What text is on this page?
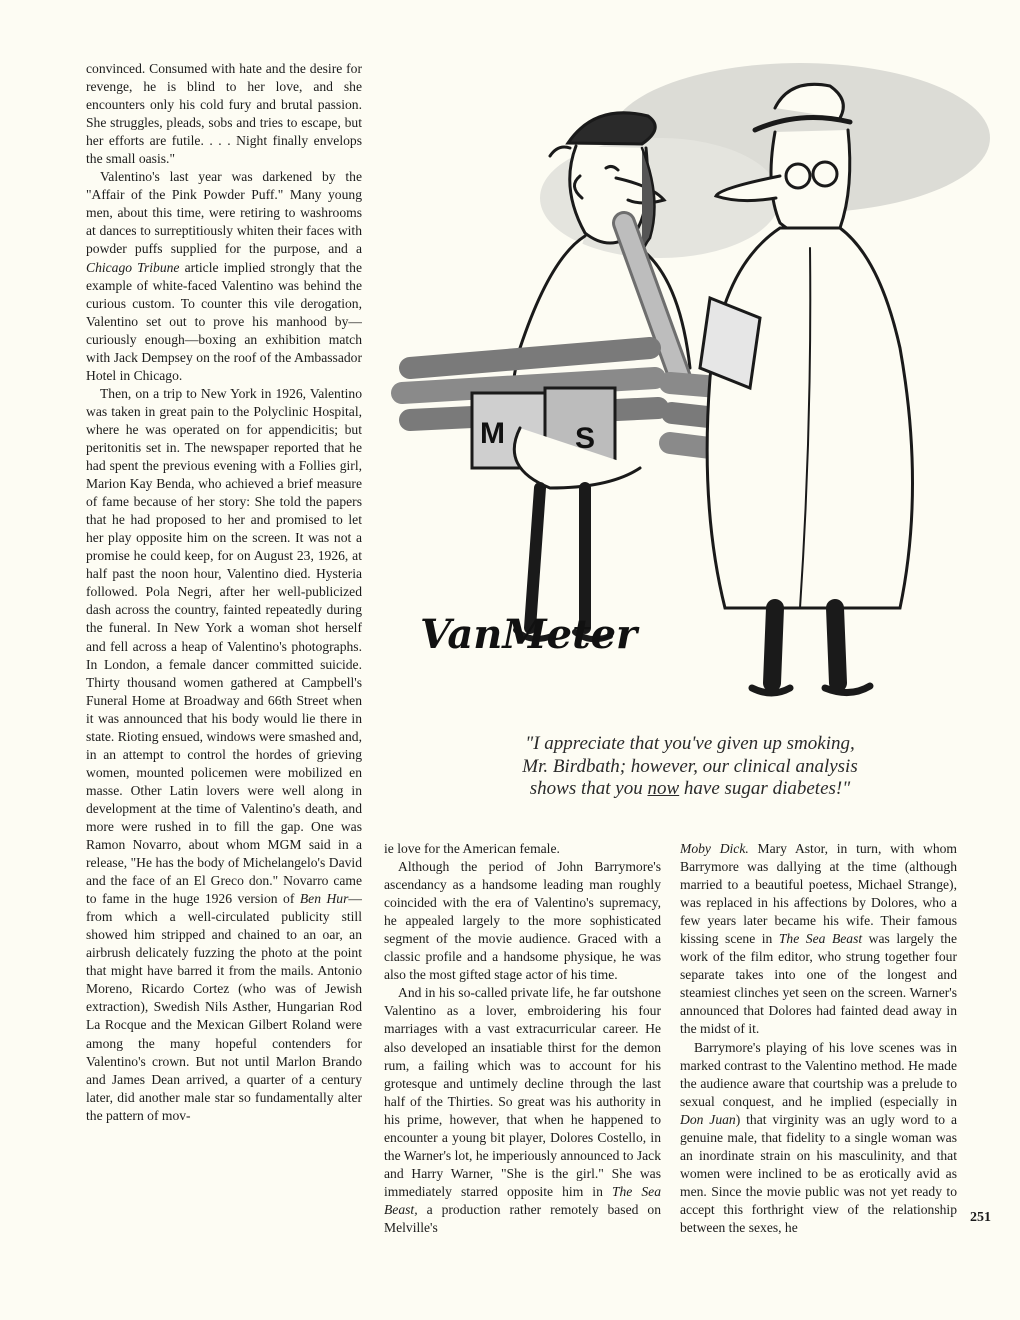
convinced. Consumed with hate and the desire for revenge, he is blind to her love, and she encounters only his cold fury and brutal passion. She struggles, pleads, sobs and tries to escape, but her efforts are futile. . . . Night finally envelops the small oasis."

Valentino's last year was darkened by the "Affair of the Pink Powder Puff." Many young men, about this time, were retiring to washrooms at dances to surreptitiously whiten their faces with powder puffs supplied for the purpose, and a Chicago Tribune article implied strongly that the example of white-faced Valentino was behind the curious custom. To counter this vile derogation, Valentino set out to prove his manhood by—curiously enough—boxing an exhibition match with Jack Dempsey on the roof of the Ambassador Hotel in Chicago.

Then, on a trip to New York in 1926, Valentino was taken in great pain to the Polyclinic Hospital, where he was operated on for appendicitis; but peritonitis set in. The newspaper reported that he had spent the previous evening with a Follies girl, Marion Kay Benda, who achieved a brief measure of fame because of her story: She told the papers that he had proposed to her and promised to let her play opposite him on the screen. It was not a promise he could keep, for on August 23, 1926, at half past the noon hour, Valentino died. Hysteria followed. Pola Negri, after her well-publicized dash across the country, fainted repeatedly during the funeral. In New York a woman shot herself and fell across a heap of Valentino's photographs. In London, a female dancer committed suicide. Thirty thousand women gathered at Campbell's Funeral Home at Broadway and 66th Street when it was announced that his body would lie there in state. Rioting ensued, windows were smashed and, in an attempt to control the hordes of grieving women, mounted policemen were mobilized en masse. Other Latin lovers were well along in development at the time of Valentino's death, and more were rushed in to fill the gap. One was Ramon Novarro, about whom MGM said in a release, "He has the body of Michelangelo's David and the face of an El Greco don." Novarro came to fame in the huge 1926 version of Ben Hur—from which a well-circulated publicity still showed him stripped and chained to an oar, an airbrush delicately fuzzing the photo at the point that might have barred it from the mails. Antonio Moreno, Ricardo Cortez (who was of Jewish extraction), Swedish Nils Asther, Hungarian Rod La Rocque and the Mexican Gilbert Roland were among the many hopeful contenders for Valentino's crown. But not until Marlon Brando and James Dean arrived, a quarter of a century later, did another male star so fundamentally alter the pattern of mov-

M S
VanMeter
"I appreciate that you've given up smoking,
Mr. Birdbath; however, our clinical analysis
shows that you now have sugar diabetes!"

ie love for the American female.

Although the period of John Barrymore's ascendancy as a handsome leading man roughly coincided with the era of Valentino's supremacy, he appealed largely to the more sophisticated segment of the movie audience. Graced with a classic profile and a handsome physique, he was also the most gifted stage actor of his time.

And in his so-called private life, he far outshone Valentino as a lover, embroidering his four marriages with a vast extracurricular career. He also developed an insatiable thirst for the demon rum, a failing which was to account for his grotesque and untimely decline through the last half of the Thirties. So great was his authority in his prime, however, that when he happened to encounter a young bit player, Dolores Costello, in the Warner's lot, he imperiously announced to Jack and Harry Warner, "She is the girl." She was immediately starred opposite him in The Sea Beast, a production rather remotely based on Melville's

Moby Dick. Mary Astor, in turn, with whom Barrymore was dallying at the time (although married to a beautiful poetess, Michael Strange), was replaced in his affections by Dolores, who a few years later became his wife. Their famous kissing scene in The Sea Beast was largely the work of the film editor, who strung together four separate takes into one of the longest and steamiest clinches yet seen on the screen. Warner's announced that Dolores had fainted dead away in the midst of it.

Barrymore's playing of his love scenes was in marked contrast to the Valentino method. He made the audience aware that courtship was a prelude to sexual conquest, and he implied (especially in Don Juan) that virginity was an ugly word to a genuine male, that fidelity to a single woman was an inordinate strain on his masculinity, and that women were inclined to be as erotically avid as men. Since the movie public was not yet ready to accept this forthright view of the relationship between the sexes, he

251
